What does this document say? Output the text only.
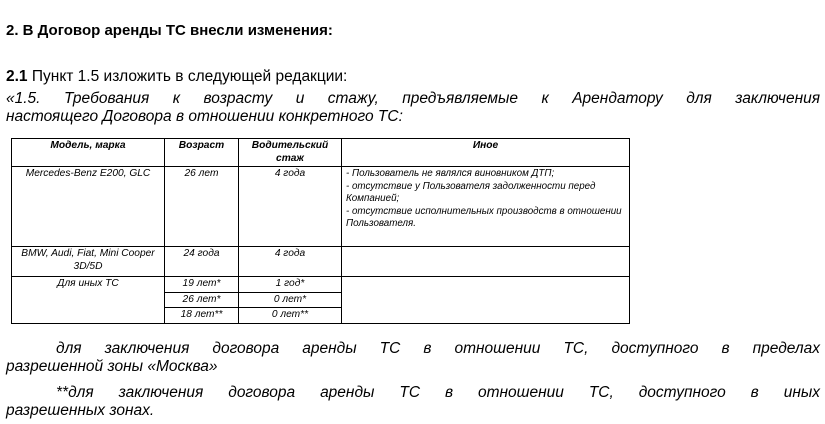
2. В Договор аренды ТС внесли изменения:
2.1 Пункт 1.5 изложить в следующей редакции:
«1.5. Требования к возрасту и стажу, предъявляемые к Арендатору для заключения
настоящего Договора в отношении конкретного ТС:
Модель, марка	Возраст	Водительский стаж	Иное
Mercedes-Benz E200, GLC	26 лет	4 года	- Пользователь не являлся виновником ДТП;
- отсутствие у Пользователя задолженности перед Компанией;
- отсутствие исполнительных производств в отношении Пользователя.

BMW, Audi, Fiat, Mini Cooper 3D/5D	24 года	4 года	
Для иных ТС	19 лет*	1 год*	
	26 лет*	0 лет*	
	18 лет**	0 лет**	
для заключения договора аренды ТС в отношении ТС, доступного в пределах
разрешенной зоны «Москва»
**для заключения договора аренды ТС в отношении ТС, доступного в иных
разрешенных зонах.
